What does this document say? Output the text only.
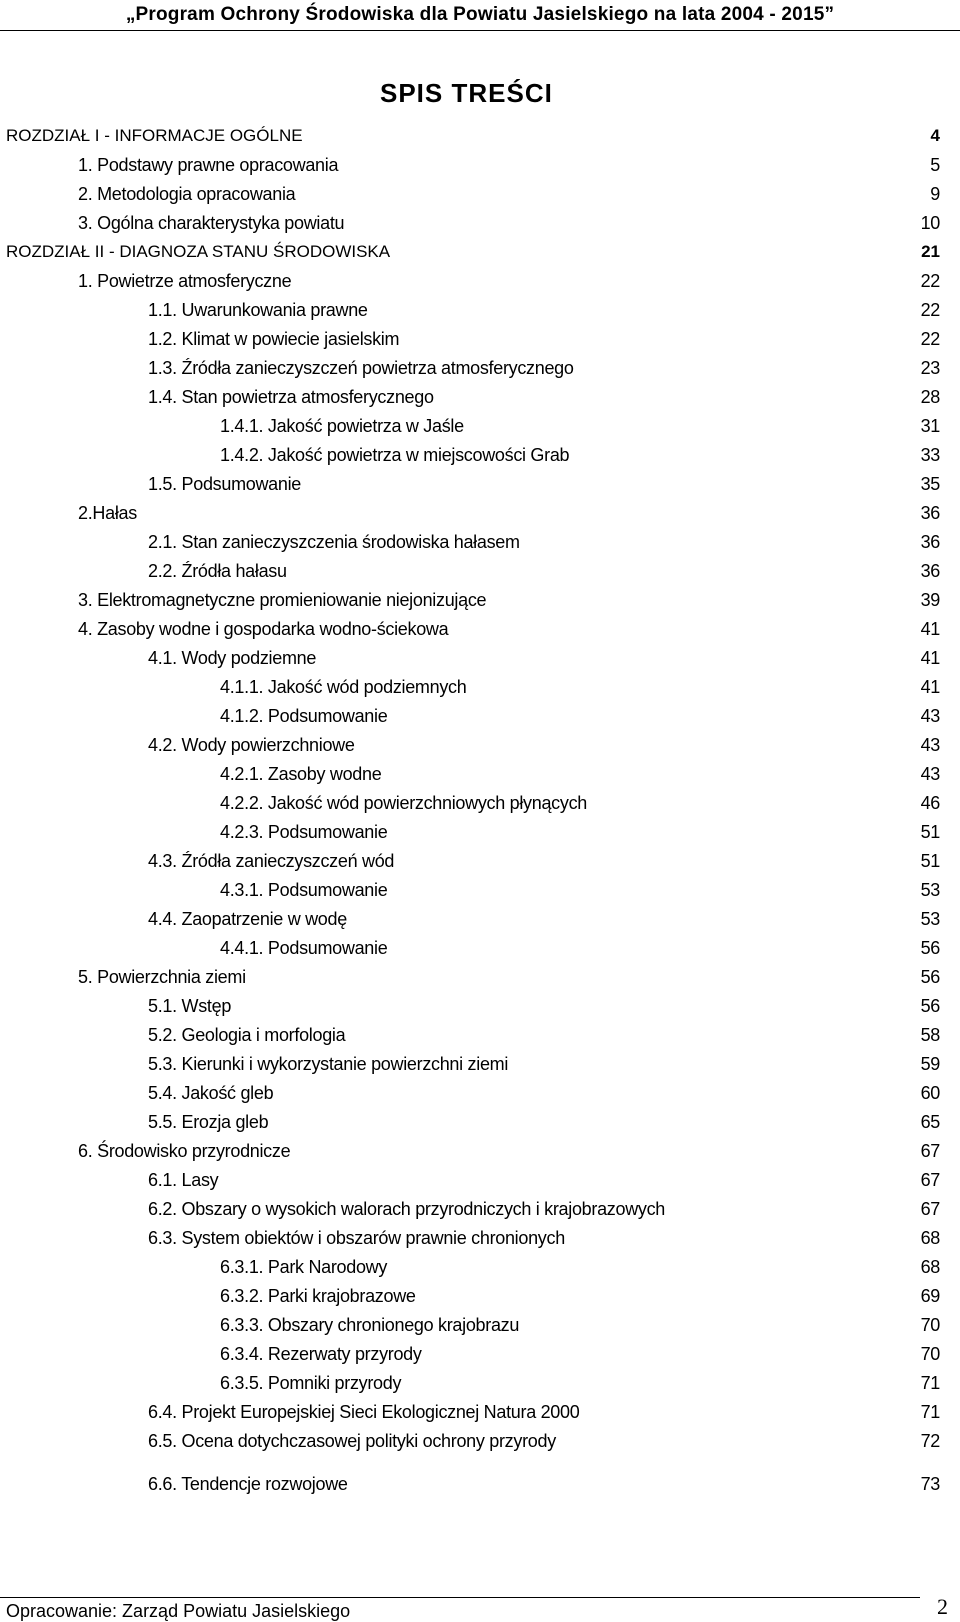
„Program Ochrony Środowiska dla Powiatu Jasielskiego na lata 2004 - 2015”
SPIS TREŚCI
ROZDZIAŁ I - INFORMACJE OGÓLNE	4
1. Podstawy prawne opracowania	5
2. Metodologia opracowania	9
3. Ogólna charakterystyka powiatu	10
ROZDZIAŁ II - DIAGNOZA STANU ŚRODOWISKA	21
1. Powietrze atmosferyczne	22
1.1. Uwarunkowania prawne	22
1.2. Klimat w powiecie jasielskim	22
1.3. Źródła zanieczyszczeń powietrza atmosferycznego	23
1.4. Stan powietrza atmosferycznego	28
1.4.1. Jakość powietrza w Jaśle	31
1.4.2. Jakość powietrza w miejscowości Grab	33
1.5. Podsumowanie	35
2.Hałas	36
2.1. Stan zanieczyszczenia środowiska hałasem	36
2.2. Źródła hałasu	36
3. Elektromagnetyczne promieniowanie niejonizujące	39
4. Zasoby wodne i gospodarka wodno-ściekowa	41
4.1. Wody podziemne	41
4.1.1. Jakość wód podziemnych	41
4.1.2. Podsumowanie	43
4.2. Wody powierzchniowe	43
4.2.1. Zasoby wodne	43
4.2.2. Jakość wód powierzchniowych płynących	46
4.2.3. Podsumowanie	51
4.3. Źródła zanieczyszczeń wód	51
4.3.1. Podsumowanie	53
4.4. Zaopatrzenie w wodę	53
4.4.1. Podsumowanie	56
5. Powierzchnia ziemi	56
5.1. Wstęp	56
5.2. Geologia i morfologia	58
5.3. Kierunki i wykorzystanie powierzchni ziemi	59
5.4. Jakość gleb	60
5.5. Erozja gleb	65
6. Środowisko przyrodnicze	67
6.1. Lasy	67
6.2. Obszary o wysokich walorach przyrodniczych i krajobrazowych	67
6.3. System obiektów i obszarów prawnie chronionych	68
6.3.1. Park Narodowy	68
6.3.2. Parki krajobrazowe	69
6.3.3. Obszary chronionego krajobrazu	70
6.3.4. Rezerwaty przyrody	70
6.3.5. Pomniki przyrody	71
6.4. Projekt Europejskiej Sieci Ekologicznej Natura 2000	71
6.5. Ocena dotychczasowej polityki ochrony przyrody	72
6.6. Tendencje rozwojowe	73
Opracowanie: Zarząd Powiatu Jasielskiego	2
